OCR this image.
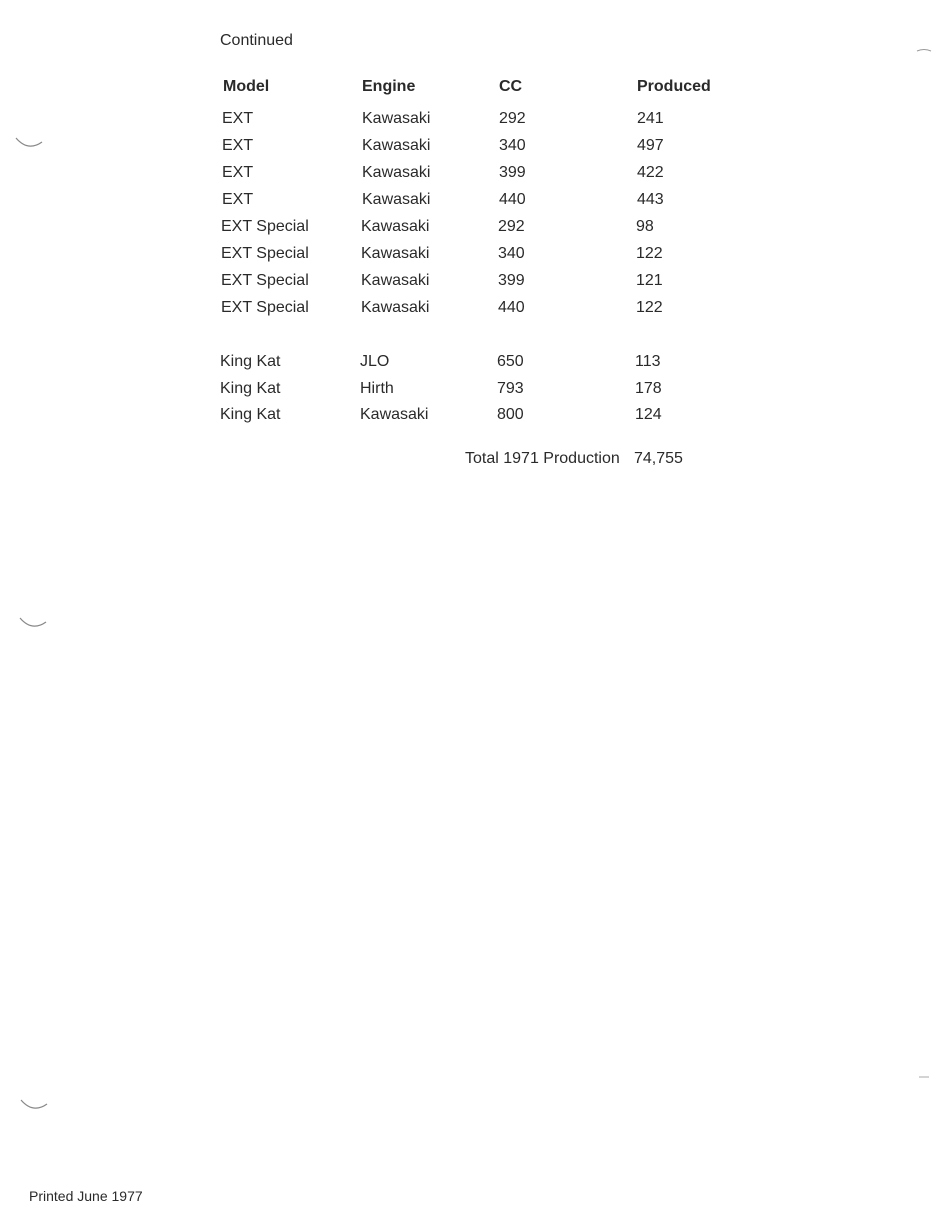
Continued
Model	Engine	CC	Produced
EXT	Kawasaki	292	241
EXT	Kawasaki	340	497
EXT	Kawasaki	399	422
EXT	Kawasaki	440	443
EXT Special	Kawasaki	292	98
EXT Special	Kawasaki	340	122
EXT Special	Kawasaki	399	121
EXT Special	Kawasaki	440	122
King Kat	JLO	650	113
King Kat	Hirth	793	178
King Kat	Kawasaki	800	124
Total 1971 Production 74,755
Printed June 1977
